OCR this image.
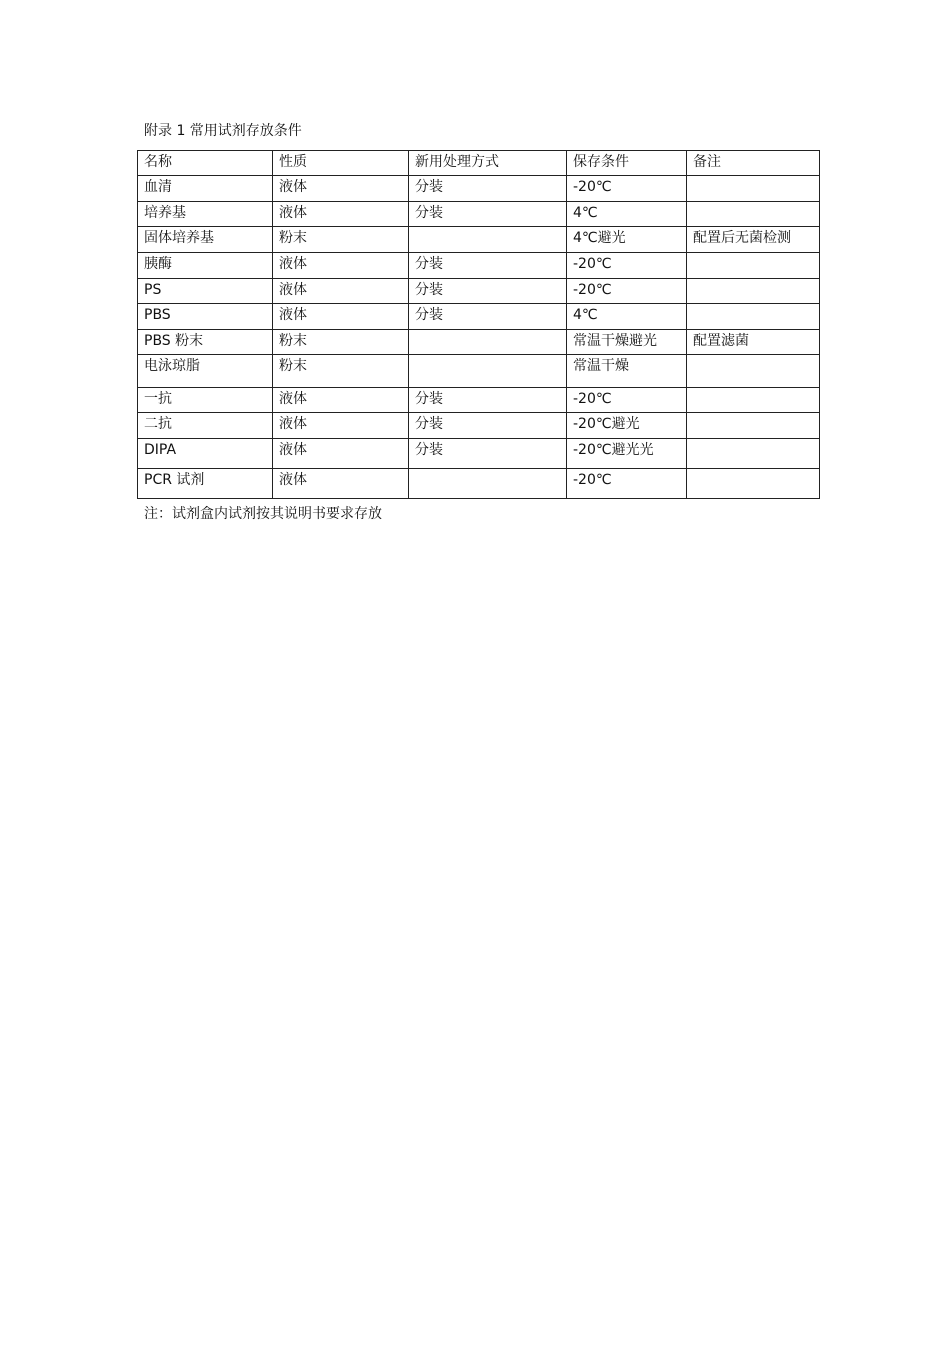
附录 1 常用试剂存放条件
名称	性质	新用处理方式	保存条件	备注
血清	液体	分装	-20℃	
培养基	液体	分装	4℃	
固体培养基	粉末		4℃避光	配置后无菌检测
胰酶	液体	分装	-20℃	
PS	液体	分装	-20℃	
PBS	液体	分装	4℃	
PBS 粉末	粉末		常温干燥避光	配置滤菌
电泳琼脂	粉末		常温干燥	
一抗	液体	分装	-20℃	
二抗	液体	分装	-20℃避光	
DIPA	液体	分装	-20℃避光光	
PCR 试剂	液体		-20℃	
注：试剂盒内试剂按其说明书要求存放
